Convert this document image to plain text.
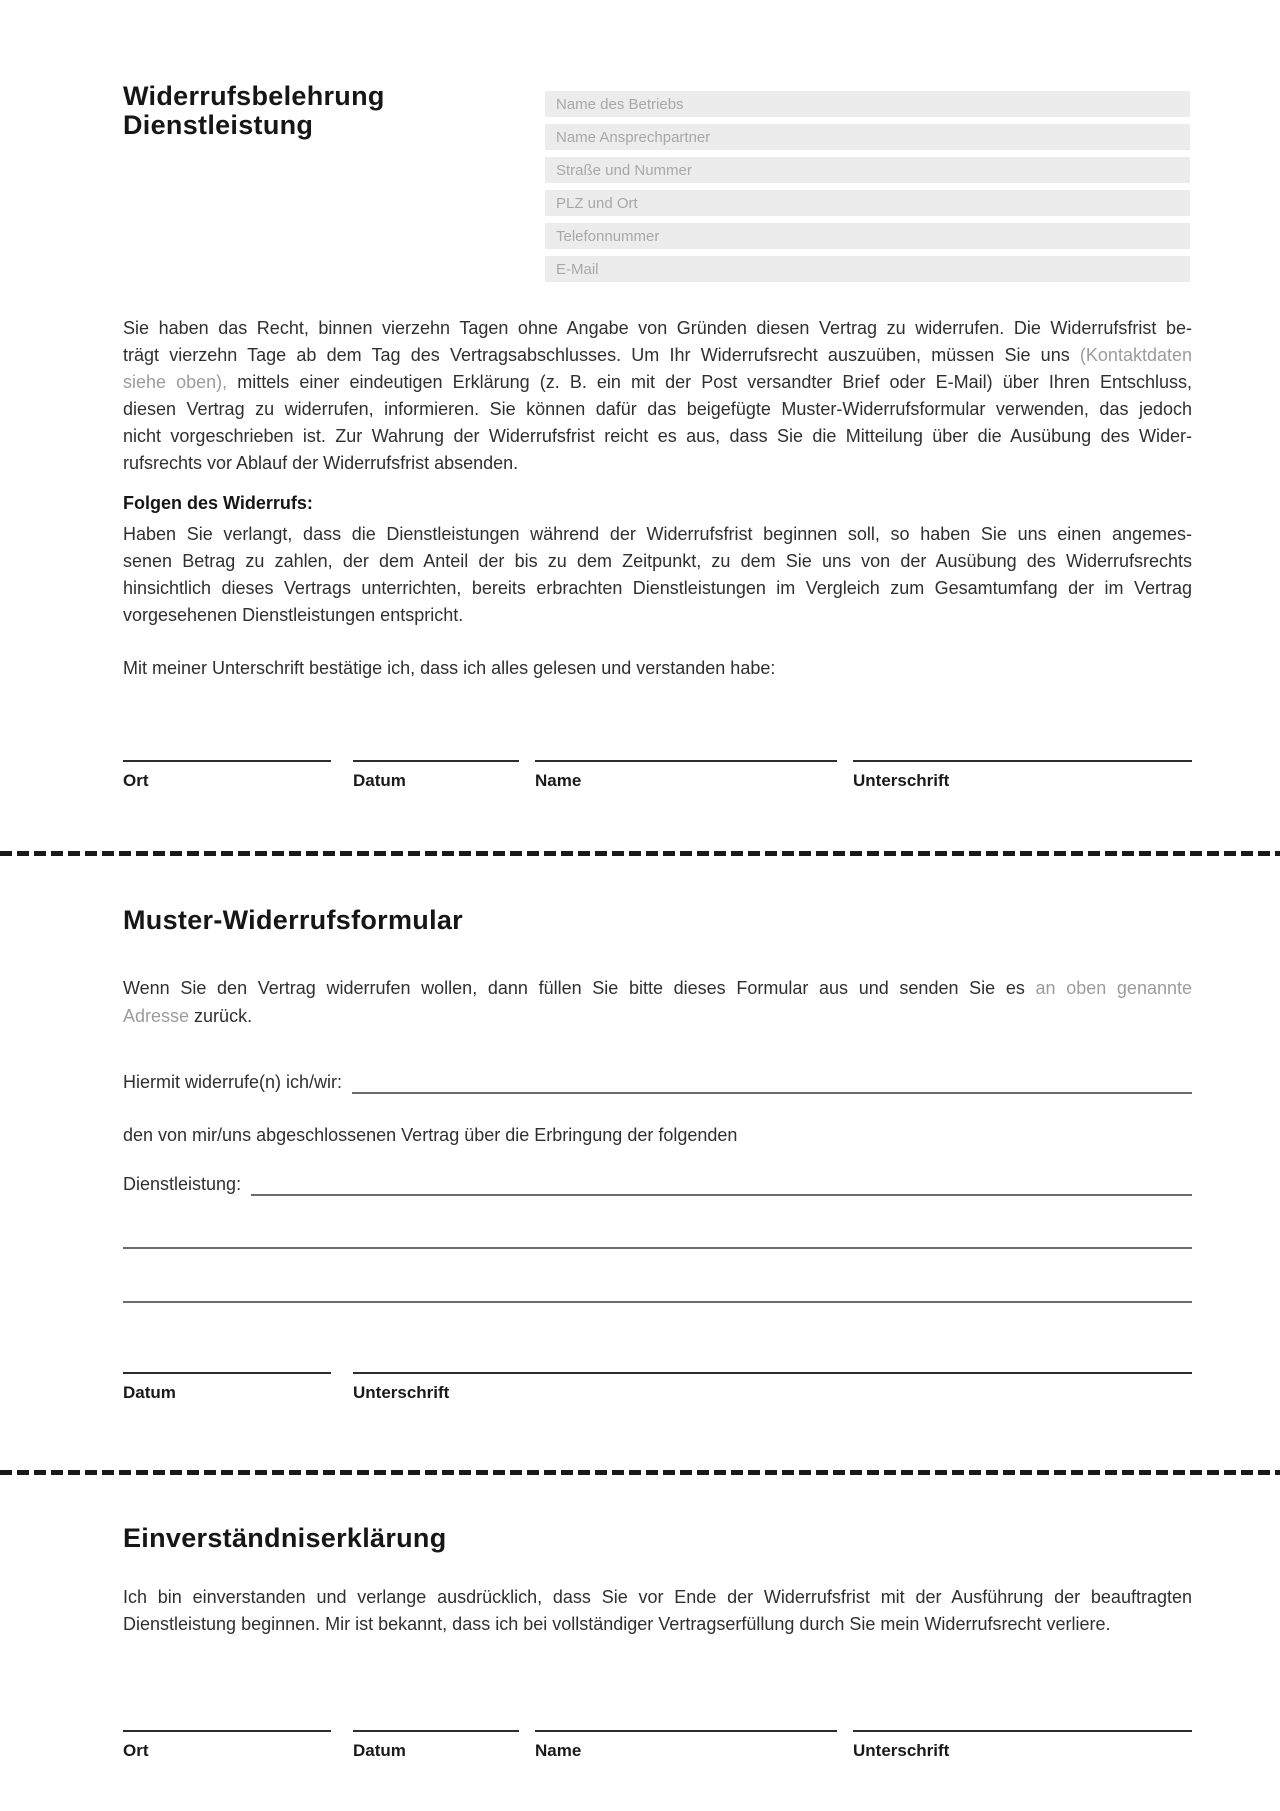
Widerrufsbelehrung
Dienstleistung
Name des Betriebs
Name Ansprechpartner
Straße und Nummer
PLZ und Ort
Telefonnummer
E-Mail
Sie haben das Recht, binnen vierzehn Tagen ohne Angabe von Gründen diesen Vertrag zu widerrufen. Die Widerrufsfrist be-
trägt vierzehn Tage ab dem Tag des Vertragsabschlusses. Um Ihr Widerrufsrecht auszuüben, müssen Sie uns (Kontaktdaten
siehe oben), mittels einer eindeutigen Erklärung (z. B. ein mit der Post versandter Brief oder E-Mail) über Ihren Entschluss,
diesen Vertrag zu widerrufen, informieren. Sie können dafür das beigefügte Muster-Widerrufsformular verwenden, das jedoch
nicht vorgeschrieben ist. Zur Wahrung der Widerrufsfrist reicht es aus, dass Sie die Mitteilung über die Ausübung des Wider-
rufsrechts vor Ablauf der Widerrufsfrist absenden.
Folgen des Widerrufs:
Haben Sie verlangt, dass die Dienstleistungen während der Widerrufsfrist beginnen soll, so haben Sie uns einen angemes-
senen Betrag zu zahlen, der dem Anteil der bis zu dem Zeitpunkt, zu dem Sie uns von der Ausübung des Widerrufsrechts
hinsichtlich dieses Vertrags unterrichten, bereits erbrachten Dienstleistungen im Vergleich zum Gesamtumfang der im Vertrag
vorgesehenen Dienstleistungen entspricht.
Mit meiner Unterschrift bestätige ich, dass ich alles gelesen und verstanden habe:
Ort	Datum	Name	Unterschrift
Muster-Widerrufsformular
Wenn Sie den Vertrag widerrufen wollen, dann füllen Sie bitte dieses Formular aus und senden Sie es an oben genannte
Adresse zurück.
Hiermit widerrufe(n) ich/wir:
den von mir/uns abgeschlossenen Vertrag über die Erbringung der folgenden
Dienstleistung:
Datum	Unterschrift
Einverständniserklärung
Ich bin einverstanden und verlange ausdrücklich, dass Sie vor Ende der Widerrufsfrist mit der Ausführung der beauftragten
Dienstleistung beginnen. Mir ist bekannt, dass ich bei vollständiger Vertragserfüllung durch Sie mein Widerrufsrecht verliere.
Ort	Datum	Name	Unterschrift
